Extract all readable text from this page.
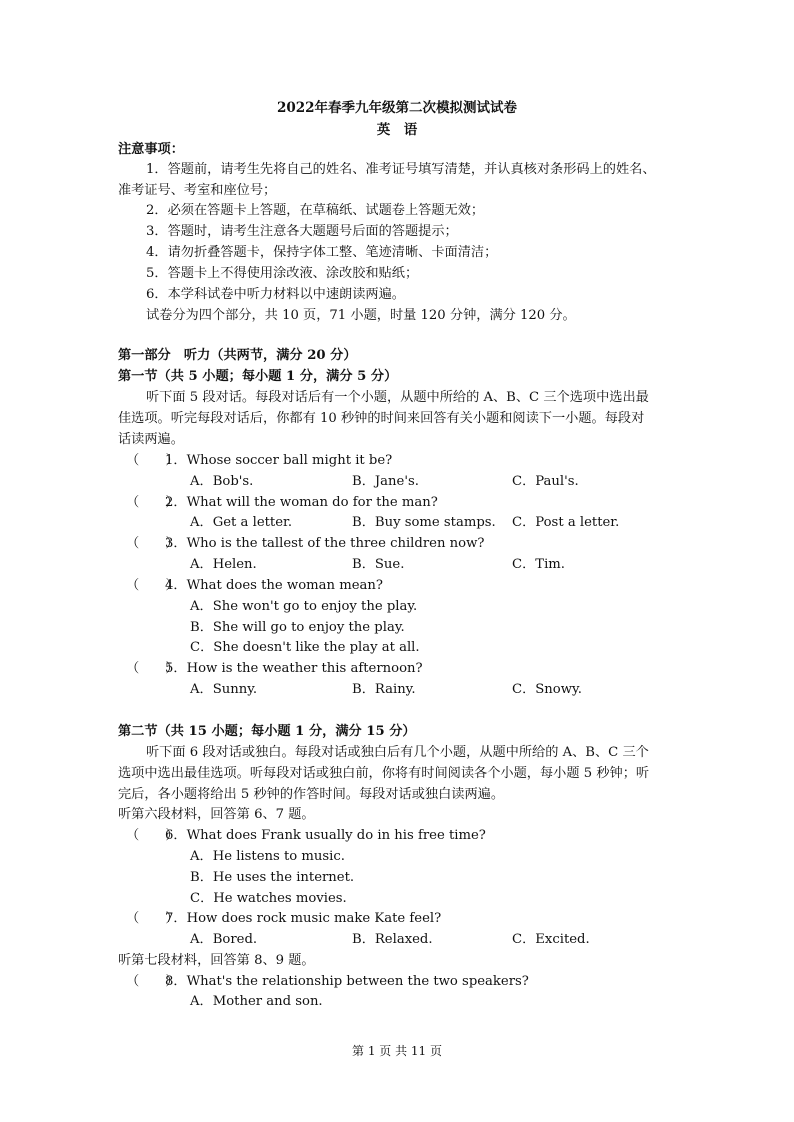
2022年春季九年级第二次模拟测试试卷
英　语
注意事项：
1．答题前，请考生先将自己的姓名、准考证号填写清楚，并认真核对条形码上的姓名、
准考证号、考室和座位号；
2．必须在答题卡上答题，在草稿纸、试题卷上答题无效；
3．答题时，请考生注意各大题题号后面的答题提示；
4．请勿折叠答题卡，保持字体工整、笔迹清晰、卡面清洁；
5．答题卡上不得使用涂改液、涂改胶和贴纸；
6．本学科试卷中听力材料以中速朗读两遍。
试卷分为四个部分，共 10 页，71 小题，时量 120 分钟，满分 120 分。
第一部分　听力（共两节，满分 20 分）
第一节（共 5 小题；每小题 1 分，满分 5 分）
听下面 5 段对话。每段对话后有一个小题，从题中所给的 A、B、C 三个选项中选出最
佳选项。听完每段对话后，你都有 10 秒钟的时间来回答有关小题和阅读下一小题。每段对
话读两遍。
（　　）
1．Whose soccer ball might it be?
A．Bob's.	B．Jane's.	C．Paul's.
（　　）
2．What will the woman do for the man?
A．Get a letter.	B．Buy some stamps. C．Post a letter.
（　　）
3．Who is the tallest of the three children now?
A．Helen.	B．Sue.	C．Tim.
（　　）
4．What does the woman mean?
A．She won't go to enjoy the play.
B．She will go to enjoy the play.
C．She doesn't like the play at all.
（　　）
5．How is the weather this afternoon?
A．Sunny.	B．Rainy.	C．Snowy.
第二节（共 15 小题；每小题 1 分，满分 15 分）
听下面 6 段对话或独白。每段对话或独白后有几个小题，从题中所给的 A、B、C 三个
选项中选出最佳选项。听每段对话或独白前，你将有时间阅读各个小题，每小题 5 秒钟；听
完后，各小题将给出 5 秒钟的作答时间。每段对话或独白读两遍。
听第六段材料，回答第 6、7 题。
（　　）
6．What does Frank usually do in his free time?
A．He listens to music.
B．He uses the internet.
C．He watches movies.
（　　）
7．How does rock music make Kate feel?
A．Bored.	B．Relaxed.	C．Excited.
听第七段材料，回答第 8、9 题。
（　　）
8．What's the relationship between the two speakers?
A．Mother and son.
第 1 页 共 11 页
